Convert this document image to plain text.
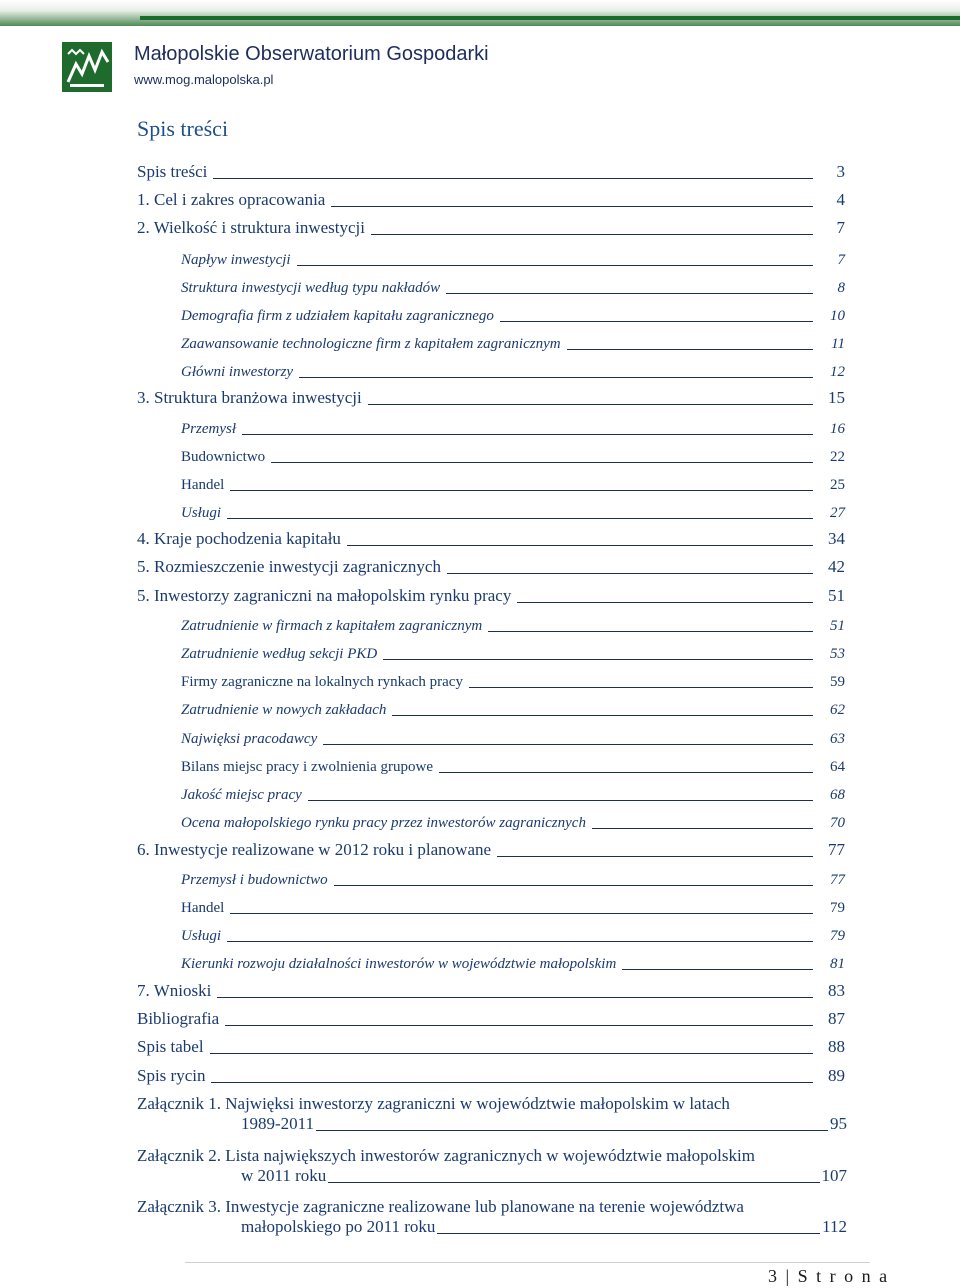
Małopolskie Obserwatorium Gospodarki
www.mog.malopolska.pl
Spis treści
Spis treści	3
1. Cel i zakres opracowania	4
2. Wielkość i struktura inwestycji	7
Napływ inwestycji	7
Struktura inwestycji według typu nakładów	8
Demografia firm z udziałem kapitału zagranicznego	10
Zaawansowanie technologiczne firm z kapitałem zagranicznym	11
Główni inwestorzy	12
3. Struktura branżowa inwestycji	15
Przemysł	16
Budownictwo	22
Handel	25
Usługi	27
4. Kraje pochodzenia kapitału	34
5. Rozmieszczenie inwestycji zagranicznych	42
5. Inwestorzy zagraniczni na małopolskim rynku pracy	51
Zatrudnienie w firmach z kapitałem zagranicznym	51
Zatrudnienie według sekcji PKD	53
Firmy zagraniczne na lokalnych rynkach pracy	59
Zatrudnienie w nowych zakładach	62
Najwięksi pracodawcy	63
Bilans miejsc pracy i zwolnienia grupowe	64
Jakość miejsc pracy	68
Ocena małopolskiego rynku pracy przez inwestorów zagranicznych	70
6. Inwestycje realizowane w 2012 roku i planowane	77
Przemysł i budownictwo	77
Handel	79
Usługi	79
Kierunki rozwoju działalności inwestorów w województwie małopolskim	81
7. Wnioski	83
Bibliografia	87
Spis tabel	88
Spis rycin	89
Załącznik 1. Najwięksi inwestorzy zagraniczni w województwie małopolskim w latach
1989-2011	95
Załącznik 2. Lista największych inwestorów zagranicznych w województwie małopolskim
w 2011 roku	107
Załącznik 3. Inwestycje zagraniczne realizowane lub planowane na terenie województwa
małopolskiego po 2011 roku	112
3 | S t r o n a
